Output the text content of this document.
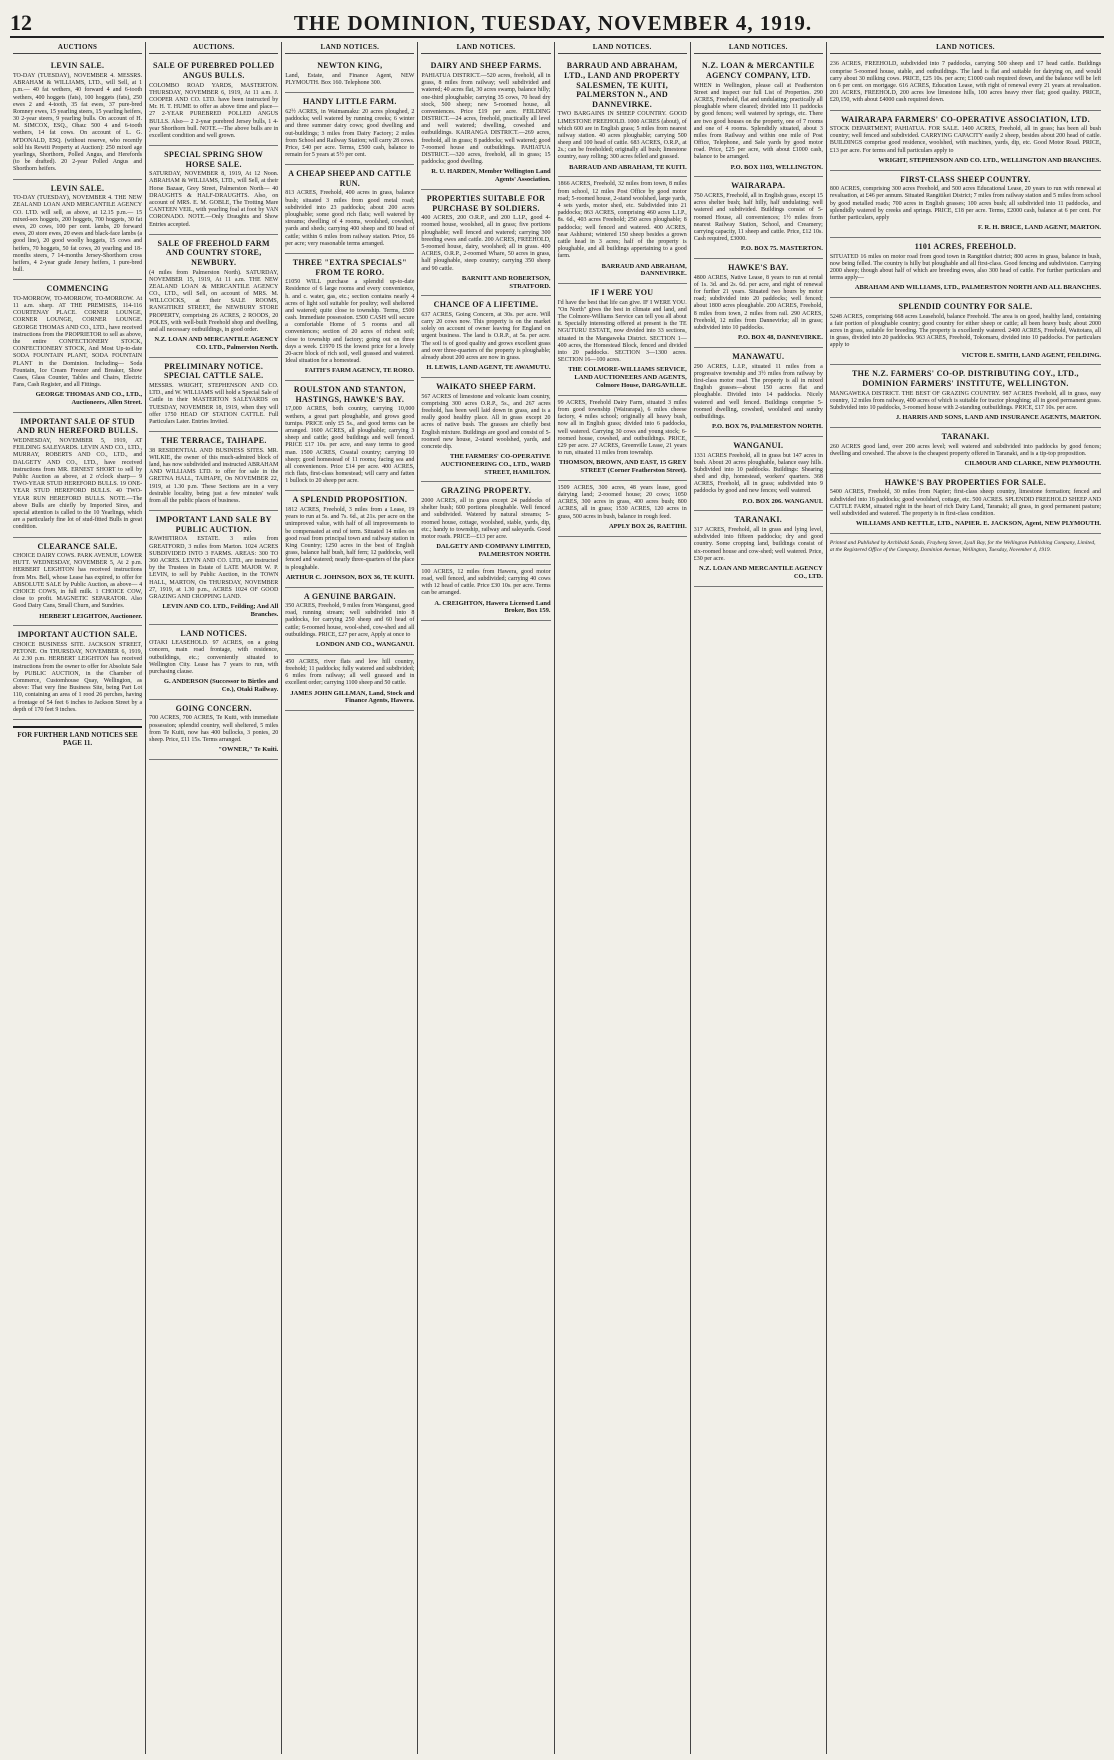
12	THE DOMINION, TUESDAY, NOVEMBER 4, 1919.
AUCTIONS
LEVIN SALE.

TO-DAY (TUESDAY), NOVEMBER 4. MESSRS. ABRAHAM & WILLIAMS, LTD., will Sell, at 1 p.m.— 40 fat wethers, 40 forward 4 and 6-tooth wethers, 400 hoggets (fats), 100 hoggets (fats), 250 ewes 2 and 4-tooth, 35 fat ewes, 37 pure-bred Romney ewes, 15 yearling steers, 15 yearling heifers, 30 2-year steers, 9 yearling bulls. On account of H. M. SIMCOX, ESQ., Ohau: 500 4 and 6-tooth wethers, 14 fat cows. On account of L. G. M'DONALD, ESQ. (without reserve, who recently sold his Rewiti Property at Auction): 250 mixed age yearlings, Shorthorn, Polled Angus, and Herefords (to be drafted). 20 2-year Polled Angus and Shorthorn heifers.

LEVIN SALE.

TO-DAY (TUESDAY), NOVEMBER 4. THE NEW ZEALAND LOAN AND MERCANTILE AGENCY CO. LTD. will sell, as above, at 12.15 p.m.— 15 mixed-sex hoggets, 200 hoggets, 700 hoggets, 30 fat ewes, 20 cows, 100 per cent. lambs, 20 forward ewes, 20 store ewes, 20 ewes and black-face lambs (a good line), 20 good woolly hoggets, 15 cows and heifers, 70 hoggets, 50 fat cows, 20 yearling and 18-months steers, 7 14-months Jersey-Shorthorn cross heifers, 4 2-year grade Jersey heifers, 1 pure-bred bull.

COMMENCING

TO-MORROW, TO-MORROW, TO-MORROW. At 11 a.m. sharp. AT THE PREMISES, 114-116 COURTENAY PLACE. CORNER LOUNGE, CORNER LOUNGE, CORNER LOUNGE. GEORGE THOMAS AND CO., LTD., have received instructions from the PROPRIETOR to sell as above, the entire CONFECTIONERY STOCK, CONFECTIONERY STOCK, And Most Up-to-date SODA FOUNTAIN PLANT, SODA FOUNTAIN PLANT in the Dominion. Including— Soda Fountain, Ice Cream Freezer and Breaker, Show Cases, Glass Counter, Tables and Chairs, Electric Fans, Cash Register, and all Fittings.

GEORGE THOMAS AND CO., LTD., Auctioneers, Allen Street.
IMPORTANT SALE OF STUD AND RUN HEREFORD BULLS.

WEDNESDAY, NOVEMBER 5, 1919, AT FEILDING SALEYARDS. LEVIN AND CO., LTD., MURRAY, ROBERTS AND CO., LTD., and DALGETY AND CO., LTD., have received instructions from MR. ERNEST SHORT to sell by Public Auction as above, at 2 o'clock sharp— 9 TWO-YEAR STUD HEREFORD BULLS. 19 ONE-YEAR STUD HEREFORD BULLS. 40 TWO-YEAR RUN HEREFORD BULLS. NOTE.—The above Bulls are chiefly by Imported Sires, and special attention is called to the 10 Yearlings, which are a particularly fine lot of stud-fitted Bulls in great condition.

CLEARANCE SALE.

CHOICE DAIRY COWS. PARK AVENUE, LOWER HUTT. WEDNESDAY, NOVEMBER 5, At 2 p.m. HERBERT LEIGHTON has received instructions from Mrs. Bell, whose Lease has expired, to offer for ABSOLUTE SALE by Public Auction, as above— 4 CHOICE COWS, in full milk. 1 CHOICE COW, close to profit. MAGNETIC SEPARATOR. Also Good Dairy Cans, Small Churn, and Sundries.

HERBERT LEIGHTON, Auctioneer.
IMPORTANT AUCTION SALE.

CHOICE BUSINESS SITE. JACKSON STREET, PETONE. On THURSDAY, NOVEMBER 6, 1919, At 2.30 p.m. HERBERT LEIGHTON has received instructions from the owner to offer for Absolute Sale by PUBLIC AUCTION, in the Chamber of Commerce, Customhouse Quay, Wellington, as above: That very fine Business Site, being Part Lot 110, containing an area of 1 rood 26 perches, having a frontage of 54 feet 6 inches to Jackson Street by a depth of 170 feet 9 inches.

FOR FURTHER LAND NOTICES SEE PAGE 11.
AUCTIONS.
SALE OF PUREBRED POLLED ANGUS BULLS.

COLOMBO ROAD YARDS, MASTERTON. THURSDAY, NOVEMBER 6, 1919, At 11 a.m. J. COOPER AND CO. LTD. have been instructed by Mr. H. T. HUME to offer as above time and place— 27 2-YEAR PUREBRED POLLED ANGUS BULLS. Also— 2 2-year purebred Jersey bulls, 1 4-year Shorthorn bull. NOTE.—The above bulls are in excellent condition and well grown.

SPECIAL SPRING SHOW HORSE SALE.

SATURDAY, NOVEMBER 8, 1919, At 12 Noon. ABRAHAM & WILLIAMS, LTD., will Sell, at their Horse Bazaar, Grey Street, Palmerston North— 40 DRAUGHTS & HALF-DRAUGHTS. Also, on account of MRS. E. M. GOBLE, The Trotting Mare CANTEEN VEIL, with yearling foal at foot by VAN CORONADO. NOTE.—Only Draughts and Show Entries accepted.

SALE OF FREEHOLD FARM AND COUNTRY STORE, NEWBURY.

(4 miles from Palmerston North). SATURDAY, NOVEMBER 15, 1919, At 11 a.m. THE NEW ZEALAND LOAN & MERCANTILE AGENCY CO., LTD., will Sell, on account of MRS. M. WILLCOCKS, at their SALE ROOMS, RANGITIKEI STREET, the NEWBURY STORE PROPERTY, comprising 26 ACRES, 2 ROODS, 20 POLES, with well-built Freehold shop and dwelling, and all necessary outbuildings, in good order.

N.Z. LOAN AND MERCANTILE AGENCY CO. LTD., Palmerston North.
PRELIMINARY NOTICE. SPECIAL CATTLE SALE.

MESSRS. WRIGHT, STEPHENSON AND CO. LTD., and W. WILLIAMS will hold a Special Sale of Cattle in their MASTERTON SALEYARDS on TUESDAY, NOVEMBER 18, 1919, when they will offer 1750 HEAD OF STATION CATTLE. Full Particulars Later. Entries Invited.

THE TERRACE, TAIHAPE.

38 RESIDENTIAL AND BUSINESS SITES. MR. WILKIE, the owner of this much-admired block of land, has now subdivided and instructed ABRAHAM AND WILLIAMS LTD. to offer for sale in the GRETNA HALL, TAIHAPE, On NOVEMBER 22, 1919, at 1.30 p.m. These Sections are in a very desirable locality, being just a few minutes' walk from all the public places of business.

IMPORTANT LAND SALE BY PUBLIC AUCTION.

RAWHITIROA ESTATE. 3 miles from GREATFORD, 3 miles from Marton. 1024 ACRES SUBDIVIDED INTO 3 FARMS. AREAS: 300 TO 360 ACRES. LEVIN AND CO. LTD., are instructed by the Trustees in Estate of LATE MAJOR W. P. LEVIN, to sell by Public Auction, in the TOWN HALL, MARTON, On THURSDAY, NOVEMBER 27, 1919, at 1.30 p.m., ACRES 1024 OF GOOD GRAZING AND CROPPING LAND.

LEVIN AND CO. LTD., Feilding; And All Branches.
LAND NOTICES.

OTAKI LEASEHOLD. 97 ACRES, on a going concern, main road frontage, with residence, outbuildings, etc.; conveniently situated to Wellington City. Lease has 7 years to run, with purchasing clause.

G. ANDERSON (Successor to Birtles and Co.), Otaki Railway.
GOING CONCERN.

700 ACRES, 700 ACRES, Te Kuiti, with immediate possession; splendid country, well sheltered, 5 miles from Te Kuiti, now has 400 bullocks, 3 ponies, 20 sheep. Price, £11 15s. Terms arranged.

"OWNER," Te Kuiti.
LAND NOTICES.
NEWTON KING,

Land, Estate, and Finance Agent, NEW PLYMOUTH. Box 160. Telephone 300.

HANDY LITTLE FARM.

62½ ACRES, in Waimamaku: 20 acres ploughed, 2 paddocks; well watered by running creeks; 6 winter and three summer dairy cows; good dwelling and out-buildings; 3 miles from Dairy Factory; 2 miles from School and Railway Station; will carry 28 cows. Price, £40 per acre. Terms, £500 cash, balance to remain for 5 years at 5½ per cent.

A CHEAP SHEEP AND CATTLE RUN.

813 ACRES, Freehold, 400 acres in grass, balance bush; situated 3 miles from good metal road; subdivided into 23 paddocks; about 200 acres ploughable; some good rich flats; well watered by streams; dwelling of 4 rooms, woolshed, cowshed, yards and sheds; carrying 400 sheep and 80 head of cattle; within 6 miles from railway station. Price, £6 per acre; very reasonable terms arranged.

THREE "EXTRA SPECIALS" FROM TE RORO.

£1050 WILL purchase a splendid up-to-date Residence of 6 large rooms and every convenience, h. and c. water, gas, etc.; section contains nearly 4 acres of light soil suitable for poultry; well sheltered and watered; quite close to township. Terms, £500 cash. Immediate possession. £500 CASH will secure a comfortable Home of 5 rooms and all conveniences; section of 20 acres of richest soil; close to township and factory; going out on three days a week. £1970 IS the lowest price for a lovely 20-acre block of rich soil, well grassed and watered. Ideal situation for a homestead.

FAITH'S FARM AGENCY, TE RORO.
ROULSTON AND STANTON, HASTINGS, HAWKE'S BAY.

17,000 ACRES, both country, carrying 10,000 wethers, a great part ploughable, and grows good turnips. PRICE only £5 5s., and good terms can be arranged. 1600 ACRES, all ploughable; carrying 3 sheep and cattle; good buildings and well fenced. PRICE £17 10s. per acre, and easy terms to good man. 1500 ACRES, Coastal country; carrying 10 sheep; good homestead of 11 rooms; facing sea and all conveniences. Price £14 per acre. 400 ACRES, rich flats, first-class homestead; will carry and fatten 1 bullock to 20 sheep per acre.

A SPLENDID PROPOSITION.

1812 ACRES, Freehold, 3 miles from a Lease, 19 years to run at 5s. and 7s. 6d., at 21s. per acre on the unimproved value, with half of all improvements to be compensated at end of term. Situated 14 miles on good road from principal town and railway station in King Country; 1250 acres in the best of English grass, balance half bush, half fern; 12 paddocks, well fenced and watered; nearly three-quarters of the place is ploughable.

ARTHUR C. JOHNSON, BOX 36, TE KUITI.
A GENUINE BARGAIN.

350 ACRES, Freehold, 9 miles from Wanganui, good road, running stream; well subdivided into 8 paddocks, for carrying 250 sheep and 60 head of cattle; 6-roomed house, wool-shed, cow-shed and all outbuildings. PRICE, £27 per acre, Apply at once to

LONDON AND CO., WANGANUI.

450 ACRES, river flats and low hill country, freehold; 11 paddocks; fully watered and subdivided; 6 miles from railway; all well grassed and in excellent order; carrying 1100 sheep and 50 cattle.

JAMES JOHN GILLMAN, Land, Stock and Finance Agents, Hawera.
LAND NOTICES.
DAIRY AND SHEEP FARMS.

PAHIATUA DISTRICT.—520 acres, freehold, all in grass, 8 miles from railway; well subdivided and watered; 40 acres flat, 30 acres swamp, balance hilly; one-third ploughable; carrying 35 cows, 70 head dry stock, 500 sheep; new 5-roomed house, all conveniences. Price £19 per acre. FEILDING DISTRICT.—24 acres, freehold, practically all level and well watered; dwelling, cowshed and outbuildings. KAIRANGA DISTRICT.—269 acres, freehold, all in grass; 8 paddocks; well watered; good 7-roomed house and outbuildings. PAHIATUA DISTRICT.—320 acres, freehold, all in grass; 15 paddocks; good dwelling.

R. U. HARDEN, Member Wellington Land Agents' Association.
PROPERTIES SUITABLE FOR PURCHASE BY SOLDIERS.

400 ACRES, 200 O.R.P., and 200 L.I.P., good 4-roomed house, woolshed, all in grass; five portions ploughable; well fenced and watered; carrying 300 breeding ewes and cattle. 200 ACRES, FREEHOLD, 5-roomed house, dairy, woolshed; all in grass. 400 ACRES, O.R.P., 2-roomed Whare, 50 acres in grass, half ploughable, steep country; carrying 350 sheep and 90 cattle.

BARNITT AND ROBERTSON, STRATFORD.
CHANCE OF A LIFETIME.

637 ACRES, Going Concern, at 30s. per acre. Will carry 20 cows now. This property is on the market solely on account of owner leaving for England on urgent business. The land is O.R.P., at 5s. per acre. The soil is of good quality and grows excellent grass and over three-quarters of the property is ploughable; already about 200 acres are now in grass.

H. LEWIS, LAND AGENT, TE AWAMUTU.
WAIKATO SHEEP FARM.

567 ACRES of limestone and volcanic loam country, comprising 300 acres O.R.P., 5s., and 267 acres freehold, has been well laid down in grass, and is a really good healthy place. All in grass except 20 acres of native bush. The grasses are chiefly best English mixture. Buildings are good and consist of 5-roomed new house, 2-stand woolshed, yards, and concrete dip.

THE FARMERS' CO-OPERATIVE AUCTIONEERING CO., LTD., WARD STREET, HAMILTON.
GRAZING PROPERTY.

2000 ACRES, all in grass except 24 paddocks of shelter bush; 600 portions ploughable. Well fenced and subdivided. Watered by natural streams; 5-roomed house, cottage, woolshed, stable, yards, dip, etc.; handy to township, railway and saleyards. Good motor roads. PRICE—£13 per acre.

DALGETY AND COMPANY LIMITED, PALMERSTON NORTH.

100 ACRES, 12 miles from Hawera, good motor road, well fenced, and subdivided; carrying 40 cows with 12 head of cattle. Price £30 10s. per acre. Terms can be arranged.

A. CREIGHTON, Hawera Licensed Land Broker, Box 159.
LAND NOTICES.
BARRAUD AND ABRAHAM, LTD., LAND AND PROPERTY SALESMEN, TE KUITI, PALMERSTON N., AND DANNEVIRKE.

TWO BARGAINS IN SHEEP COUNTRY. GOOD LIMESTONE FREEHOLD. 1000 ACRES (about), of which 600 are in English grass; 5 miles from nearest railway station. 40 acres ploughable; carrying 500 sheep and 100 head of cattle. 683 ACRES, O.R.P., at 2s.; can be freeholded; originally all bush; limestone country, easy rolling; 300 acres felled and grassed.

BARRAUD AND ABRAHAM, TE KUITI.

1866 ACRES, Freehold, 32 miles from town, 8 miles from school, 12 miles Post Office by good motor road; 5-roomed house, 2-stand woolshed, large yards, 4 sets yards, motor shed, etc. Subdivided into 21 paddocks; 863 ACRES, comprising 460 acres L.I.P., 8s. 6d., 403 acres Freehold; 250 acres ploughable; 8 paddocks; well fenced and watered. 400 ACRES, near Ashhurst; wintered 150 sheep besides a grown cattle head in 3 acres; half of the property is ploughable, and all buildings appertaining to a good farm.

BARRAUD AND ABRAHAM, DANNEVIRKE.
IF I WERE YOU

I'd have the best that life can give. IF I WERE YOU. "On North" gives the best in climate and land, and The Colmore-Williams Service can tell you all about it. Specially interesting offered at present is the TE NGUTURU ESTATE, now divided into 33 sections, situated in the Mangaweka District. SECTION 1—400 acres, the Homestead Block, fenced and divided into 20 paddocks. SECTION 3—1300 acres. SECTION 16—100 acres.

THE COLMORE-WILLIAMS SERVICE, LAND AUCTIONEERS AND AGENTS, Colmore House, DARGAVILLE.

99 ACRES, Freehold Dairy Farm, situated 3 miles from good township (Wairarapa), 6 miles cheese factory, 4 miles school; originally all heavy bush, now all in English grass; divided into 6 paddocks, well watered. Carrying 30 cows and young stock; 6-roomed house, cowshed, and outbuildings. PRICE, £29 per acre. 27 ACRES, Greenville Lease, 21 years to run, situated 11 miles from township.

THOMSON, BROWN, AND EAST, 15 GREY STREET (Corner Featherston Street).

1509 ACRES, 300 acres, 48 years lease, good dairying land; 2-roomed house; 20 cows; 1050 ACRES, 300 acres in grass, 400 acres bush; 800 ACRES, all in grass; 1530 ACRES, 120 acres in grass, 500 acres in bush, balance in rough feed.

APPLY BOX 26, RAETIHI.
LAND NOTICES.
N.Z. LOAN & MERCANTILE AGENCY COMPANY, LTD.

WHEN in Wellington, please call at Featherston Street and inspect our full List of Properties. 290 ACRES, Freehold, flat and undulating; practically all ploughable where cleared; divided into 11 paddocks by good fences; well watered by springs, etc. There are two good houses on the property, one of 7 rooms and one of 4 rooms. Splendidly situated, about 3 miles from Railway and within one mile of Post Office, Telephone, and Sale yards by good motor road. Price, £25 per acre, with about £1000 cash, balance to be arranged.

P.O. BOX 1103, WELLINGTON.
WAIRARAPA.

750 ACRES, Freehold, all in English grass, except 15 acres shelter bush; half hilly, half undulating; well watered and subdivided. Buildings consist of 5-roomed House, all conveniences; 1½ miles from nearest Railway Station, School, and Creamery; carrying capacity, 11 sheep and cattle. Price, £12 10s. Cash required, £3000.

P.O. BOX 75. MASTERTON.
HAWKE'S BAY.

4800 ACRES, Native Lease, 8 years to run at rental of 1s. 3d. and 2s. 6d. per acre, and right of renewal for further 21 years. Situated two hours by motor road; subdivided into 20 paddocks; well fenced; about 1800 acres ploughable. 200 ACRES, Freehold, 8 miles from town, 2 miles from rail. 290 ACRES, Freehold, 12 miles from Dannevirke; all in grass; subdivided into 10 paddocks.

P.O. BOX 48, DANNEVIRKE.
MANAWATU.

290 ACRES, L.I.P., situated 11 miles from a progressive township and 3½ miles from railway by first-class motor road. The property is all in mixed English grasses—about 150 acres flat and ploughable. Divided into 14 paddocks. Nicely watered and well fenced. Buildings comprise 5-roomed dwelling, cowshed, woolshed and sundry outbuildings.

P.O. BOX 76, PALMERSTON NORTH.
WANGANUI.

1331 ACRES Freehold, all in grass but 147 acres in bush. About 20 acres ploughable, balance easy hills. Subdivided into 10 paddocks. Buildings: Shearing shed and dip, homestead, workers' quarters. 368 ACRES, Freehold, all in grass; subdivided into 9 paddocks by good and new fences; well watered.

P.O. BOX 206. WANGANUI.
TARANAKI.

317 ACRES, Freehold, all in grass and lying level, subdivided into fifteen paddocks; dry and good country. Some cropping land, buildings consist of six-roomed house and cow-shed; well watered. Price, £30 per acre.

N.Z. LOAN AND MERCANTILE AGENCY CO., LTD.
LAND NOTICES.

236 ACRES, FREEHOLD, subdivided into 7 paddocks, carrying 500 sheep and 17 head cattle. Buildings comprise 5-roomed house, stable, and outbuildings. The land is flat and suitable for dairying on, and would carry about 30 milking cows. PRICE, £25 10s. per acre; £1000 cash required down, and the balance will be left on 6 per cent. on mortgage. 616 ACRES, Education Lease, with right of renewal every 21 years at revaluation. 201 ACRES, FREEHOLD, 200 acres low limestone hills, 100 acres heavy river flat; good quality. PRICE, £20,150, with about £4000 cash required down.

WAIRARAPA FARMERS' CO-OPERATIVE ASSOCIATION, LTD.

STOCK DEPARTMENT, PAHIATUA. FOR SALE. 1400 ACRES, Freehold, all in grass; has been all bush country; well fenced and subdivided. CARRYING CAPACITY easily 2 sheep, besides about 200 head of cattle. BUILDINGS comprise good residence, woolshed, with machines, yards, dip, etc. Good Motor Road. PRICE, £13 per acre. For terms and full particulars apply to

WRIGHT, STEPHENSON AND CO. LTD., WELLINGTON AND BRANCHES.
FIRST-CLASS SHEEP COUNTRY.

800 ACRES, comprising 300 acres Freehold, and 500 acres Educational Lease, 20 years to run with renewal at revaluation, at £46 per annum. Situated Rangitikei District; 7 miles from railway station and 5 miles from school by good metalled roads; 700 acres in English grasses; 100 acres bush; all subdivided into 11 paddocks, and splendidly watered by creeks and springs. PRICE, £18 per acre. Terms, £2000 cash, balance at 6 per cent. For further particulars, apply

F. R. H. BRICE, LAND AGENT, MARTON.
1101 ACRES, FREEHOLD.

SITUATED 16 miles on motor road from good town in Rangitikei district; 800 acres in grass, balance in bush, now being felled. The country is hilly but ploughable and all first-class. Good fencing and subdivision. Carrying 2000 sheep; though about half of which are breeding ewes, also 300 head of cattle. For further particulars and terms apply—

ABRAHAM AND WILLIAMS, LTD., PALMERSTON NORTH AND ALL BRANCHES.
SPLENDID COUNTRY FOR SALE.

5248 ACRES, comprising 668 acres Leasehold, balance Freehold. The area is on good, healthy land, containing a fair portion of ploughable country; good country for either sheep or cattle; all been heavy bush; about 2000 acres in grass, suitable for breeding. The property is excellently watered. 2400 ACRES, Freehold, Waitotara, all in grass, divided into 20 paddocks. 963 ACRES, Freehold, Tokomaru, divided into 10 paddocks. For particulars apply to

VICTOR E. SMITH, LAND AGENT, FEILDING.
THE N.Z. FARMERS' CO-OP. DISTRIBUTING COY., LTD., DOMINION FARMERS' INSTITUTE, WELLINGTON.

MANGAWEKA DISTRICT. THE BEST OF GRAZING COUNTRY. 987 ACRES Freehold, all in grass, easy country, 12 miles from railway, 400 acres of which is suitable for tractor ploughing; all in good permanent grass. Subdivided into 10 paddocks, 3-roomed house with 2-standing outbuildings. PRICE, £17 10s. per acre.

J. HARRIS AND SONS, LAND AND INSURANCE AGENTS, MARTON.
TARANAKI.

260 ACRES good land, over 200 acres level; well watered and subdivided into paddocks by good fences; dwelling and cowshed. The above is the cheapest property offered in Taranaki, and is a tip-top proposition.

CILMOUR AND CLARKE, NEW PLYMOUTH.
HAWKE'S BAY PROPERTIES FOR SALE.

5400 ACRES, Freehold, 30 miles from Napier; first-class sheep country, limestone formation; fenced and subdivided into 16 paddocks; good woolshed, cottage, etc. 500 ACRES. SPLENDID FREEHOLD SHEEP AND CATTLE FARM, situated right in the heart of rich Dairy Land, Taranaki; all grass, in good permanent pasture; well subdivided and watered. The property is in first-class condition.

WILLIAMS AND KETTLE, LTD., NAPIER. E. JACKSON, Agent, NEW PLYMOUTH.
Printed and Published by Archibald Sando, Frayberg Street, Lyall Bay, for the Wellington Publishing Company, Limited, at the Registered Office of the Company, Dominion Avenue, Wellington, Tuesday, November 4, 1919.
